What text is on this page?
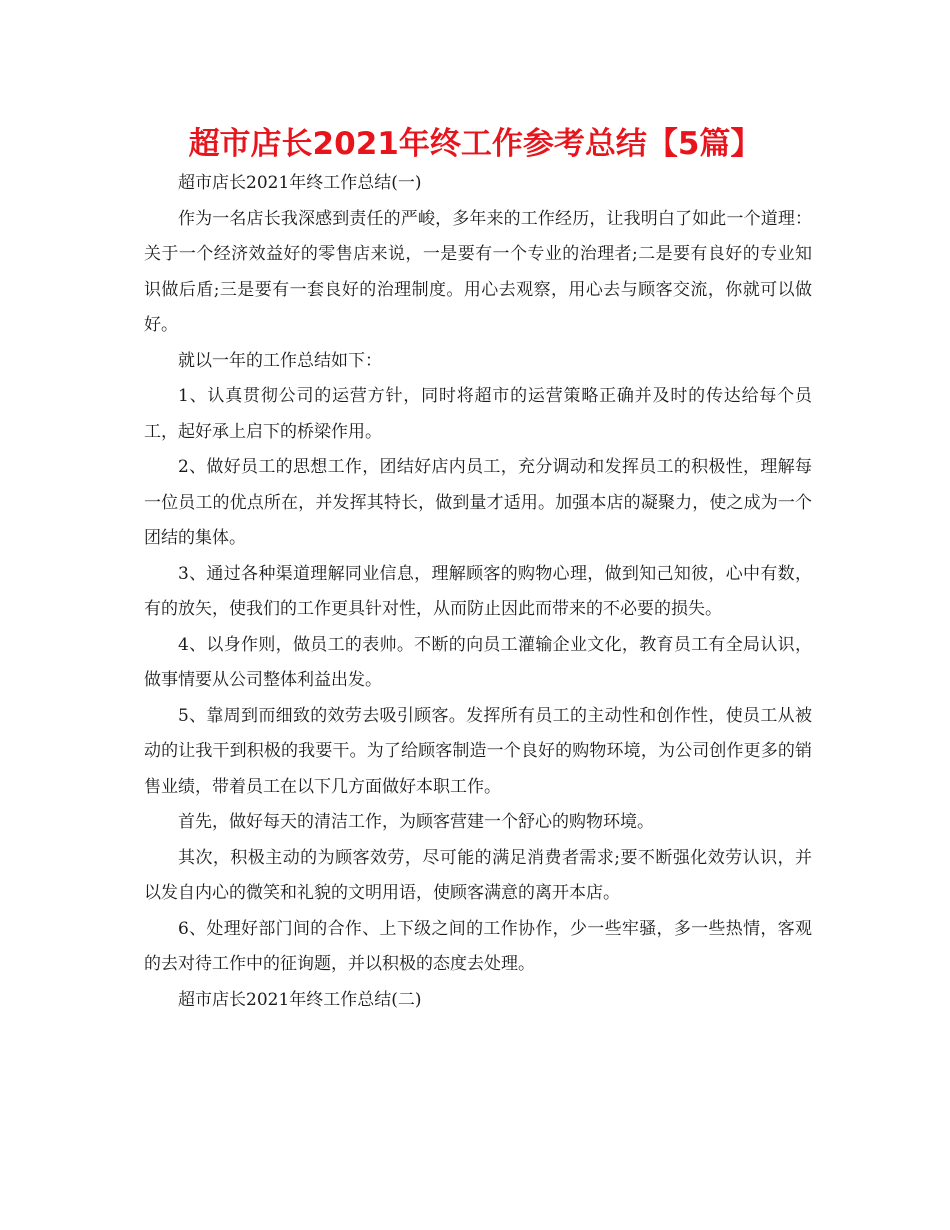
超市店长2021年终工作参考总结【5篇】

超市店长2021年终工作总结(一)

作为一名店长我深感到责任的严峻，多年来的工作经历，让我明白了如此一个道理：关于一个经济效益好的零售店来说，一是要有一个专业的治理者;二是要有良好的专业知识做后盾;三是要有一套良好的治理制度。用心去观察，用心去与顾客交流，你就可以做好。

就以一年的工作总结如下：

1、认真贯彻公司的运营方针，同时将超市的运营策略正确并及时的传达给每个员工，起好承上启下的桥梁作用。

2、做好员工的思想工作，团结好店内员工，充分调动和发挥员工的积极性，理解每一位员工的优点所在，并发挥其特长，做到量才适用。加强本店的凝聚力，使之成为一个团结的集体。

3、通过各种渠道理解同业信息，理解顾客的购物心理，做到知己知彼，心中有数，有的放矢，使我们的工作更具针对性，从而防止因此而带来的不必要的损失。

4、以身作则，做员工的表帅。不断的向员工灌输企业文化，教育员工有全局认识，做事情要从公司整体利益出发。

5、靠周到而细致的效劳去吸引顾客。发挥所有员工的主动性和创作性，使员工从被动的让我干到积极的我要干。为了给顾客制造一个良好的购物环境，为公司创作更多的销售业绩，带着员工在以下几方面做好本职工作。

首先，做好每天的清洁工作，为顾客营建一个舒心的购物环境。

其次，积极主动的为顾客效劳，尽可能的满足消费者需求;要不断强化效劳认识，并以发自内心的微笑和礼貌的文明用语，使顾客满意的离开本店。

6、处理好部门间的合作、上下级之间的工作协作，少一些牢骚，多一些热情，客观的去对待工作中的征询题，并以积极的态度去处理。

超市店长2021年终工作总结(二)
